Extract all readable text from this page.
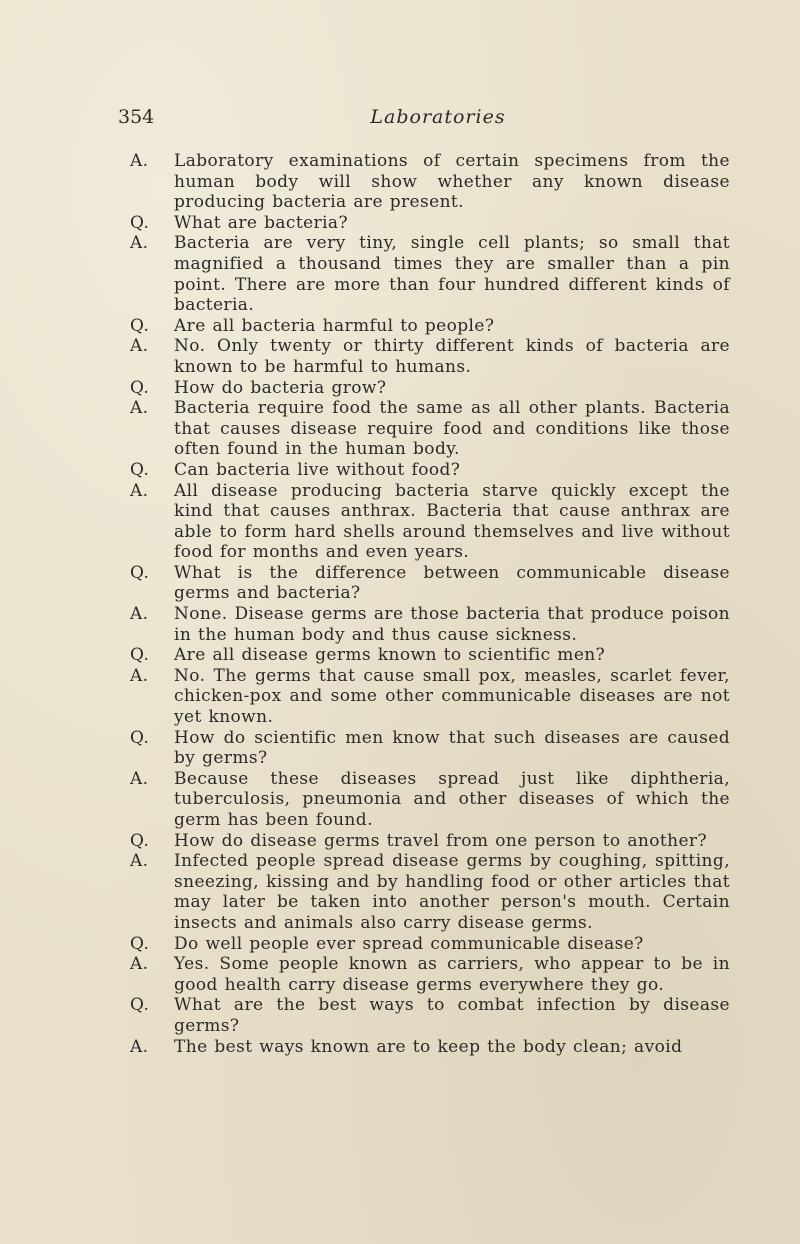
354	Laboratories
A. Laboratory examinations of certain specimens from the human body will show whether any known disease producing bacteria are present.
Q. What are bacteria?
A. Bacteria are very tiny, single cell plants; so small that magnified a thousand times they are smaller than a pin point. There are more than four hundred different kinds of bacteria.
Q. Are all bacteria harmful to people?
A. No. Only twenty or thirty different kinds of bacteria are known to be harmful to humans.
Q. How do bacteria grow?
A. Bacteria require food the same as all other plants. Bacteria that causes disease require food and conditions like those often found in the human body.
Q. Can bacteria live without food?
A. All disease producing bacteria starve quickly except the kind that causes anthrax. Bacteria that cause anthrax are able to form hard shells around themselves and live without food for months and even years.
Q. What is the difference between communicable disease germs and bacteria?
A. None. Disease germs are those bacteria that produce poison in the human body and thus cause sickness.
Q. Are all disease germs known to scientific men?
A. No. The germs that cause small pox, measles, scarlet fever, chicken-pox and some other communicable diseases are not yet known.
Q. How do scientific men know that such diseases are caused by germs?
A. Because these diseases spread just like diphtheria, tuberculosis, pneumonia and other diseases of which the germ has been found.
Q. How do disease germs travel from one person to another?
A. Infected people spread disease germs by coughing, spitting, sneezing, kissing and by handling food or other articles that may later be taken into another person's mouth. Certain insects and animals also carry disease germs.
Q. Do well people ever spread communicable disease?
A. Yes. Some people known as carriers, who appear to be in good health carry disease germs everywhere they go.
Q. What are the best ways to combat infection by disease germs?
A. The best ways known are to keep the body clean; avoid
